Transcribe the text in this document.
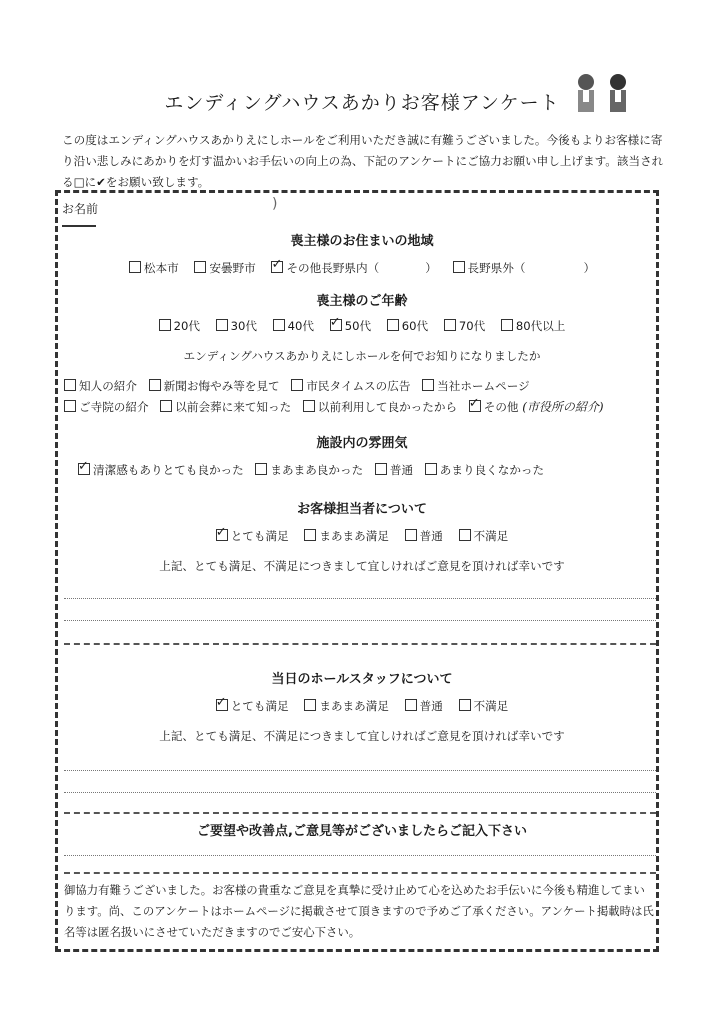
エンディングハウスあかりお客様アンケート
この度はエンディングハウスあかりえにしホールをご利用いただき誠に有難うございました。今後もよりお客様に寄り沿い悲しみにあかりを灯す温かいお手伝いの向上の為、下記のアンケートにご協力お願い申し上げます。該当される□に✔をお願い致します。
お名前	)
喪主様のお住まいの地域
松本市	安曇野市 ✓	その他長野県内（	）	長野県外（	）
喪主様のご年齢
20代	30代	40代 ✓	50代	60代	70代	80代以上
エンディングハウスあかりえにしホールを何でお知りになりましたか
知人の紹介 新聞お悔やみ等を見て 市民タイムスの広告 当社ホームページ
ご寺院の紹介 以前会葬に来て知った 以前利用して良かったから ✓ その他 (市役所の紹介)
施設内の雰囲気
✓清潔感もありとても良かった まあまあ良かった 普通 あまり良くなかった
お客様担当者について
✓とても満足	まあまあ満足	普通	不満足
上記、とても満足、不満足につきまして宜しければご意見を頂ければ幸いです
当日のホールスタッフについて
✓とても満足	まあまあ満足	普通	不満足
上記、とても満足、不満足につきまして宜しければご意見を頂ければ幸いです
ご要望や改善点,ご意見等がございましたらご記入下さい
御協力有難うございました。お客様の貴重なご意見を真摯に受け止めて心を込めたお手伝いに今後も精進してまいります。尚、このアンケートはホームページに掲載させて頂きますので予めご了承ください。アンケート掲載時は氏名等は匿名扱いにさせていただきますのでご安心下さい。
